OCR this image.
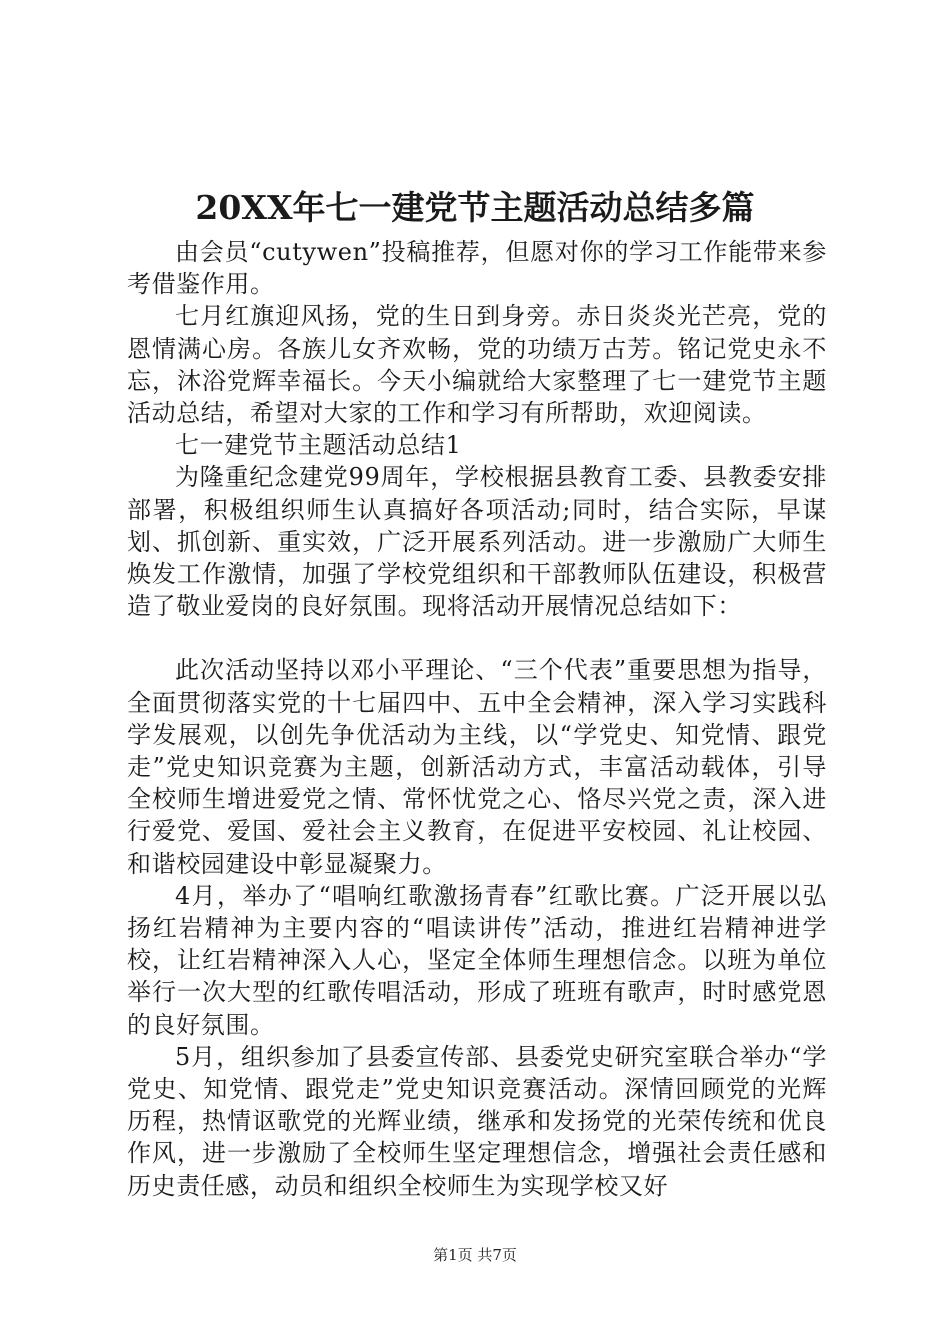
20XX年七一建党节主题活动总结多篇

由会员“cutywen”投稿推荐，但愿对你的学习工作能带来参考借鉴作用。

七月红旗迎风扬，党的生日到身旁。赤日炎炎光芒亮，党的恩情满心房。各族儿女齐欢畅，党的功绩万古芳。铭记党史永不忘，沐浴党辉幸福长。今天小编就给大家整理了七一建党节主题活动总结，希望对大家的工作和学习有所帮助，欢迎阅读。

七一建党节主题活动总结1

为隆重纪念建党99周年，学校根据县教育工委、县教委安排部署，积极组织师生认真搞好各项活动;同时，结合实际，早谋划、抓创新、重实效，广泛开展系列活动。进一步激励广大师生焕发工作激情，加强了学校党组织和干部教师队伍建设，积极营造了敬业爱岗的良好氛围。现将活动开展情况总结如下：

此次活动坚持以邓小平理论、“三个代表”重要思想为指导，全面贯彻落实党的十七届四中、五中全会精神，深入学习实践科学发展观，以创先争优活动为主线，以“学党史、知党情、跟党走”党史知识竞赛为主题，创新活动方式，丰富活动载体，引导全校师生增进爱党之情、常怀忧党之心、恪尽兴党之责，深入进行爱党、爱国、爱社会主义教育，在促进平安校园、礼让校园、和谐校园建设中彰显凝聚力。

4月，举办了“唱响红歌激扬青春”红歌比赛。广泛开展以弘扬红岩精神为主要内容的“唱读讲传”活动，推进红岩精神进学校，让红岩精神深入人心，坚定全体师生理想信念。以班为单位举行一次大型的红歌传唱活动，形成了班班有歌声，时时感党恩的良好氛围。

5月，组织参加了县委宣传部、县委党史研究室联合举办“学党史、知党情、跟党走”党史知识竞赛活动。深情回顾党的光辉历程，热情讴歌党的光辉业绩，继承和发扬党的光荣传统和优良作风，进一步激励了全校师生坚定理想信念，增强社会责任感和历史责任感，动员和组织全校师生为实现学校又好

第1页 共7页
